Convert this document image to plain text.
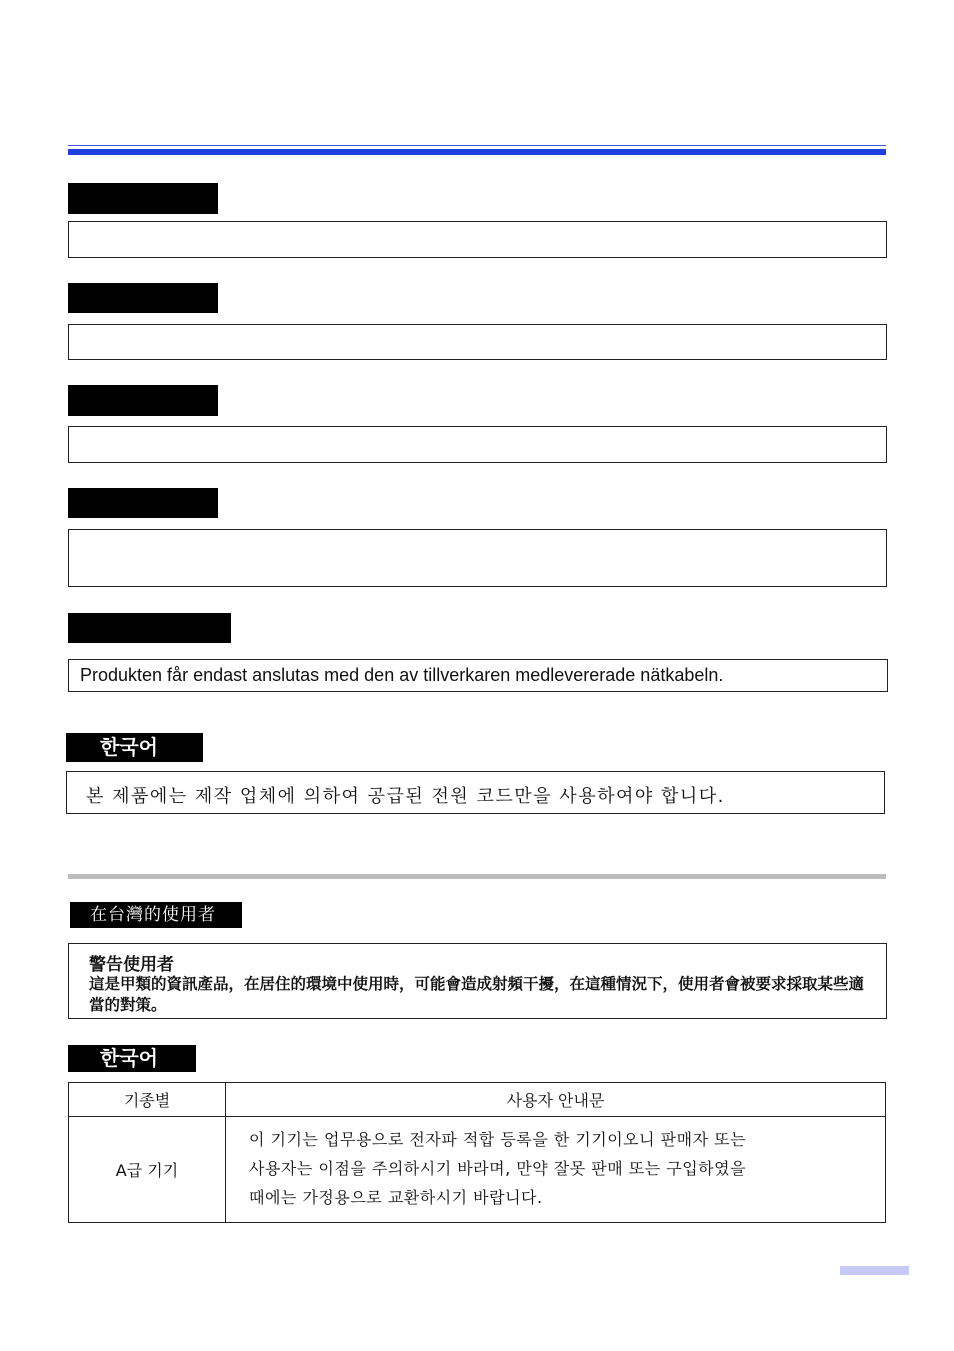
Produkten får endast anslutas med den av tillverkaren medlevererade nätkabeln.
한국어
본 제품에는 제작 업체에 의하여 공급된 전원 코드만을 사용하여야 합니다.
在台灣的使用者
警告使用者
這是甲類的資訊產品，在居住的環境中使用時，可能會造成射頻干擾，在這種情況下，使用者會被要求採取某些適當的對策。
한국어
기종별	사용자 안내문
A급 기기	이 기기는 업무용으로 전자파 적합 등록을 한 기기이오니 판매자 또는
사용자는 이점을 주의하시기 바라며, 만약 잘못 판매 또는 구입하였을
때에는 가정용으로 교환하시기 바랍니다.
